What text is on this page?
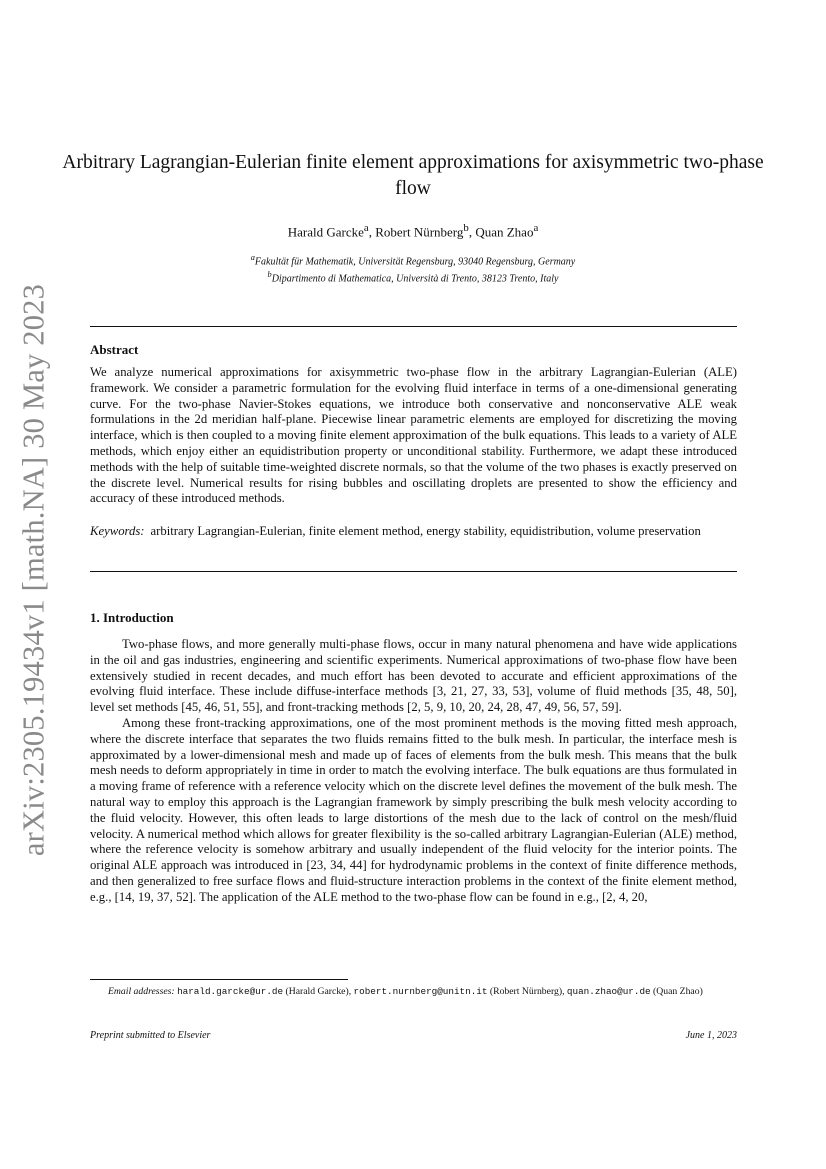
arXiv:2305.19434v1 [math.NA] 30 May 2023
Arbitrary Lagrangian-Eulerian finite element approximations for axisymmetric two-phase flow
Harald Garcke$^a$, Robert Nürnberg$^b$, Quan Zhao$^a$
$^a$Fakultät für Mathematik, Universität Regensburg, 93040 Regensburg, Germany
$^b$Dipartimento di Mathematica, Università di Trento, 38123 Trento, Italy
Abstract
We analyze numerical approximations for axisymmetric two-phase flow in the arbitrary Lagrangian-Eulerian (ALE) framework. We consider a parametric formulation for the evolving fluid interface in terms of a one-dimensional generating curve. For the two-phase Navier-Stokes equations, we introduce both conservative and nonconservative ALE weak formulations in the 2d meridian half-plane. Piecewise linear parametric elements are employed for discretizing the moving interface, which is then coupled to a moving finite element approximation of the bulk equations. This leads to a variety of ALE methods, which enjoy either an equidistribution property or unconditional stability. Furthermore, we adapt these introduced methods with the help of suitable time-weighted discrete normals, so that the volume of the two phases is exactly preserved on the discrete level. Numerical results for rising bubbles and oscillating droplets are presented to show the efficiency and accuracy of these introduced methods.
Keywords: arbitrary Lagrangian-Eulerian, finite element method, energy stability, equidistribution, volume preservation
1. Introduction

Two-phase flows, and more generally multi-phase flows, occur in many natural phenomena and have wide applications in the oil and gas industries, engineering and scientific experiments. Numerical approximations of two-phase flow have been extensively studied in recent decades, and much effort has been devoted to accurate and efficient approximations of the evolving fluid interface. These include diffuse-interface methods [3, 21, 27, 33, 53], volume of fluid methods [35, 48, 50], level set methods [45, 46, 51, 55], and front-tracking methods [2, 5, 9, 10, 20, 24, 28, 47, 49, 56, 57, 59].

Among these front-tracking approximations, one of the most prominent methods is the moving fitted mesh approach, where the discrete interface that separates the two fluids remains fitted to the bulk mesh. In particular, the interface mesh is approximated by a lower-dimensional mesh and made up of faces of elements from the bulk mesh. This means that the bulk mesh needs to deform appropriately in time in order to match the evolving interface. The bulk equations are thus formulated in a moving frame of reference with a reference velocity which on the discrete level defines the movement of the bulk mesh. The natural way to employ this approach is the Lagrangian framework by simply prescribing the bulk mesh velocity according to the fluid velocity. However, this often leads to large distortions of the mesh due to the lack of control on the mesh/fluid velocity. A numerical method which allows for greater flexibility is the so-called arbitrary Lagrangian-Eulerian (ALE) method, where the reference velocity is somehow arbitrary and usually independent of the fluid velocity for the interior points. The original ALE approach was introduced in [23, 34, 44] for hydrodynamic problems in the context of finite difference methods, and then generalized to free surface flows and fluid-structure interaction problems in the context of the finite element method, e.g., [14, 19, 37, 52]. The application of the ALE method to the two-phase flow can be found in e.g., [2, 4, 20,

Email addresses: harald.garcke@ur.de (Harald Garcke), robert.nurnberg@unitn.it (Robert Nürnberg), quan.zhao@ur.de (Quan Zhao)
Preprint submitted to Elsevier	June 1, 2023
